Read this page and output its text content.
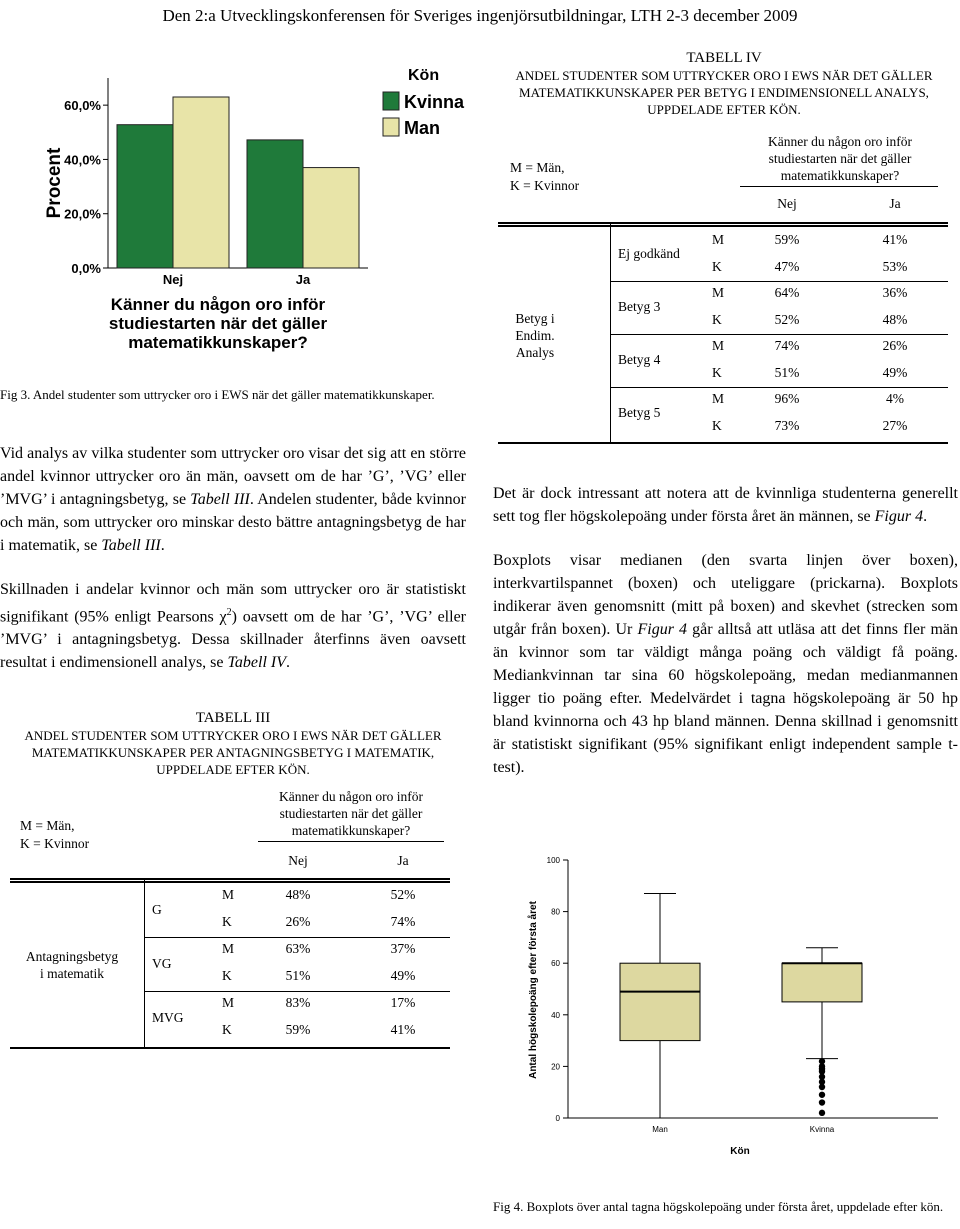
Den 2:a Utvecklingskonferensen för Sveriges ingenjörsutbildningar, LTH 2-3 december 2009
0,0%
20,0%
40,0%
60,0%
Procent
Nej	Ja
Känner du någon oro inför
studiestarten när det gäller
matematikkunskaper?
Kön
Kvinna
Man
Fig 3. Andel studenter som uttrycker oro i EWS när det gäller matematikkunskaper.
Vid analys av vilka studenter som uttrycker oro visar det sig att en större andel kvinnor uttrycker oro än män, oavsett om de har ’G’, ’VG’ eller ’MVG’ i antagningsbetyg, se Tabell III. Andelen studenter, både kvinnor och män, som uttrycker oro minskar desto bättre antagningsbetyg de har i matematik, se Tabell III.
Skillnaden i andelar kvinnor och män som uttrycker oro är statistiskt signifikant (95% enligt Pearsons $\chi^2$) oavsett om de har ’G’, ’VG’ eller ’MVG’ i antagningsbetyg. Dessa skillnader återfinns även oavsett resultat i endimensionell analys, se Tabell IV.
TABELL III
ANDEL STUDENTER SOM UTTRYCKER ORO I EWS NÄR DET GÄLLER
MATEMATIKKUNSKAPER PER ANTAGNINGSBETYG I MATEMATIK,
UPPDELADE EFTER KÖN.
M = Män,
K = Kvinnor
Känner du någon oro inför
studiestarten när det gäller
matematikkunskaper?
Nej	Ja
Antagningsbetyg
i matematik
G
M	48%	52%
K	26%	74%
VG
M	63%	37%
K	51%	49%
MVG
M	83%	17%
K	59%	41%
TABELL IV
ANDEL STUDENTER SOM UTTRYCKER ORO I EWS NÄR DET GÄLLER
MATEMATIKKUNSKAPER PER BETYG I ENDIMENSIONELL ANALYS,
UPPDELADE EFTER KÖN.
M = Män,
K = Kvinnor
Känner du någon oro inför
studiestarten när det gäller
matematikkunskaper?
Nej	Ja
Betyg i
Endim.
Analys
Ej godkänd
M	59%	41%
K	47%	53%
Betyg 3
M	64%	36%
K	52%	48%
Betyg 4
M	74%	26%
K	51%	49%
Betyg 5
M	96%	4%
K	73%	27%
Det är dock intressant att notera att de kvinnliga studenterna generellt sett tog fler högskolepoäng under första året än männen, se Figur 4.
Boxplots visar medianen (den svarta linjen över boxen), interkvartilspannet (boxen) och uteliggare (prickarna). Boxplots indikerar även genomsnitt (mitt på boxen) and skevhet (strecken som utgår från boxen). Ur Figur 4 går alltså att utläsa att det finns fler män än kvinnor som tar väldigt många poäng och väldigt få poäng. Mediankvinnan tar sina 60 högskolepoäng, medan medianmannen ligger tio poäng efter. Medelvärdet i tagna högskolepoäng är 50 hp bland kvinnorna och 43 hp bland männen. Denna skillnad i genomsnitt är statistiskt signifikant (95% signifikant enligt independent sample t-test).
0
20
40
60
80
100
Antal högskolepoäng efter första året
Man	Kvinna
Kön
Fig 4. Boxplots över antal tagna högskolepoäng under första året, uppdelade efter kön.
